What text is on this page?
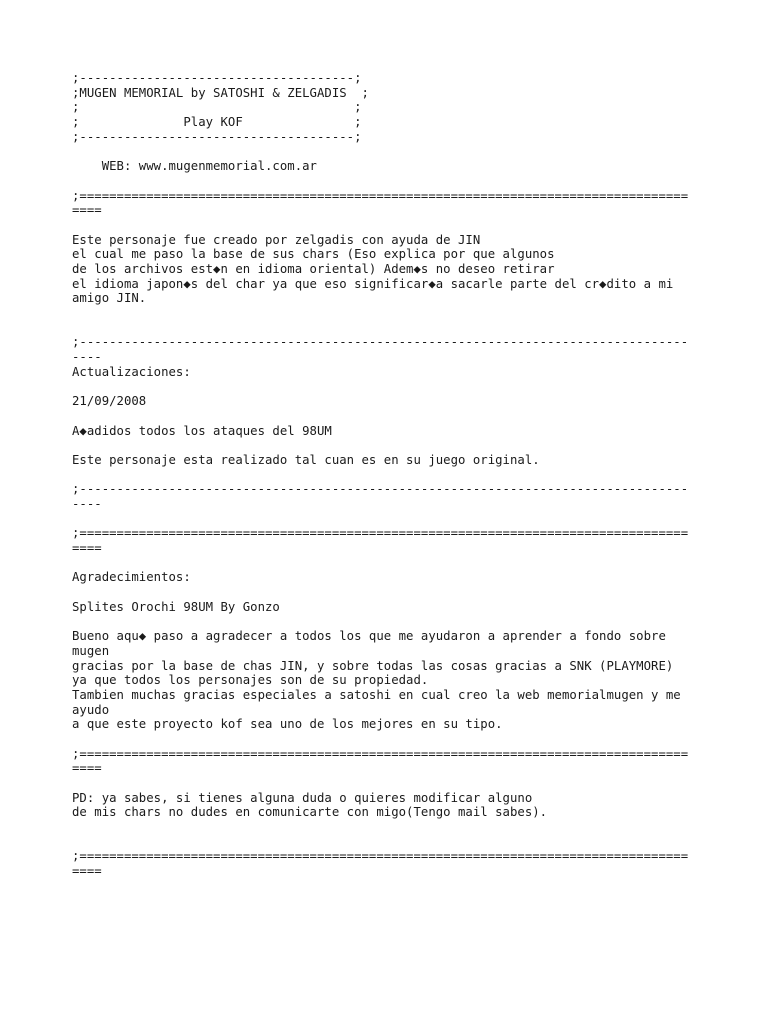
;-------------------------------------;
;MUGEN MEMORIAL by SATOSHI & ZELGADIS  ;
;                                     ;
;              Play KOF               ;
;-------------------------------------;
WEB: www.mugenmemorial.com.ar
;==================================================================================
====
Este personaje fue creado por zelgadis con ayuda de JIN
el cual me paso la base de sus chars (Eso explica por que algunos
de los archivos est◆n en idioma oriental) Adem◆s no deseo retirar
el idioma japon◆s del char ya que eso significar◆a sacarle parte del cr◆dito a mi
amigo JIN.
;----------------------------------------------------------------------------------
----
Actualizaciones:
21/09/2008
A◆adidos todos los ataques del 98UM
Este personaje esta realizado tal cuan es en su juego original.
;----------------------------------------------------------------------------------
----
;==================================================================================
====
Agradecimientos:
Splites Orochi 98UM By Gonzo
Bueno aqu◆ paso a agradecer a todos los que me ayudaron a aprender a fondo sobre
mugen
gracias por la base de chas JIN, y sobre todas las cosas gracias a SNK (PLAYMORE)
ya que todos los personajes son de su propiedad.
Tambien muchas gracias especiales a satoshi en cual creo la web memorialmugen y me
ayudo
a que este proyecto kof sea uno de los mejores en su tipo.
;==================================================================================
====
PD: ya sabes, si tienes alguna duda o quieres modificar alguno
de mis chars no dudes en comunicarte con migo(Tengo mail sabes).
;==================================================================================
====
